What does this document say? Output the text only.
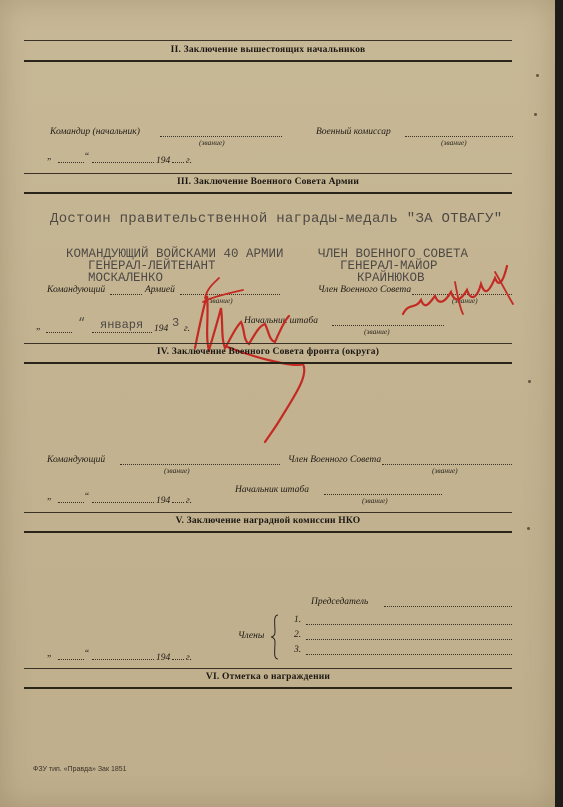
II. Заключение вышестоящих начальников
Командир (начальник)
(звание)
Военный комиссар
(звание)
„	“	194 г.
III. Заключение Военного Совета Армии
Достоин правительственной награды-медаль "ЗА ОТВАГУ"
КОМАНДУЮЩИЙ ВОЙСКАМИ 40 АРМИИ
ГЕНЕРАЛ-ЛЕЙТЕНАНТ
МОСКАЛЕНКО
ЧЛЕН ВОЕННОГО СОВЕТА
ГЕНЕРАЛ-МАЙОР
КРАЙНЮКОВ
Командующий	Армией
(звание)
Член Военного Совета
(звание)
Начальник штаба
(звание)
„	“ января 194 3 г.
IV. Заключение Военного Совета фронта (округа)
Командующий
(звание)
Член Военного Совета
(звание)
Начальник штаба
(звание)
„	“	194 г.
V. Заключение наградной комиссии НКО
Председатель
Члены
1.
2.
3.
„	“	194 г.
VI. Отметка о награждении
ФЗУ тип. «Правда» Зак 1851
